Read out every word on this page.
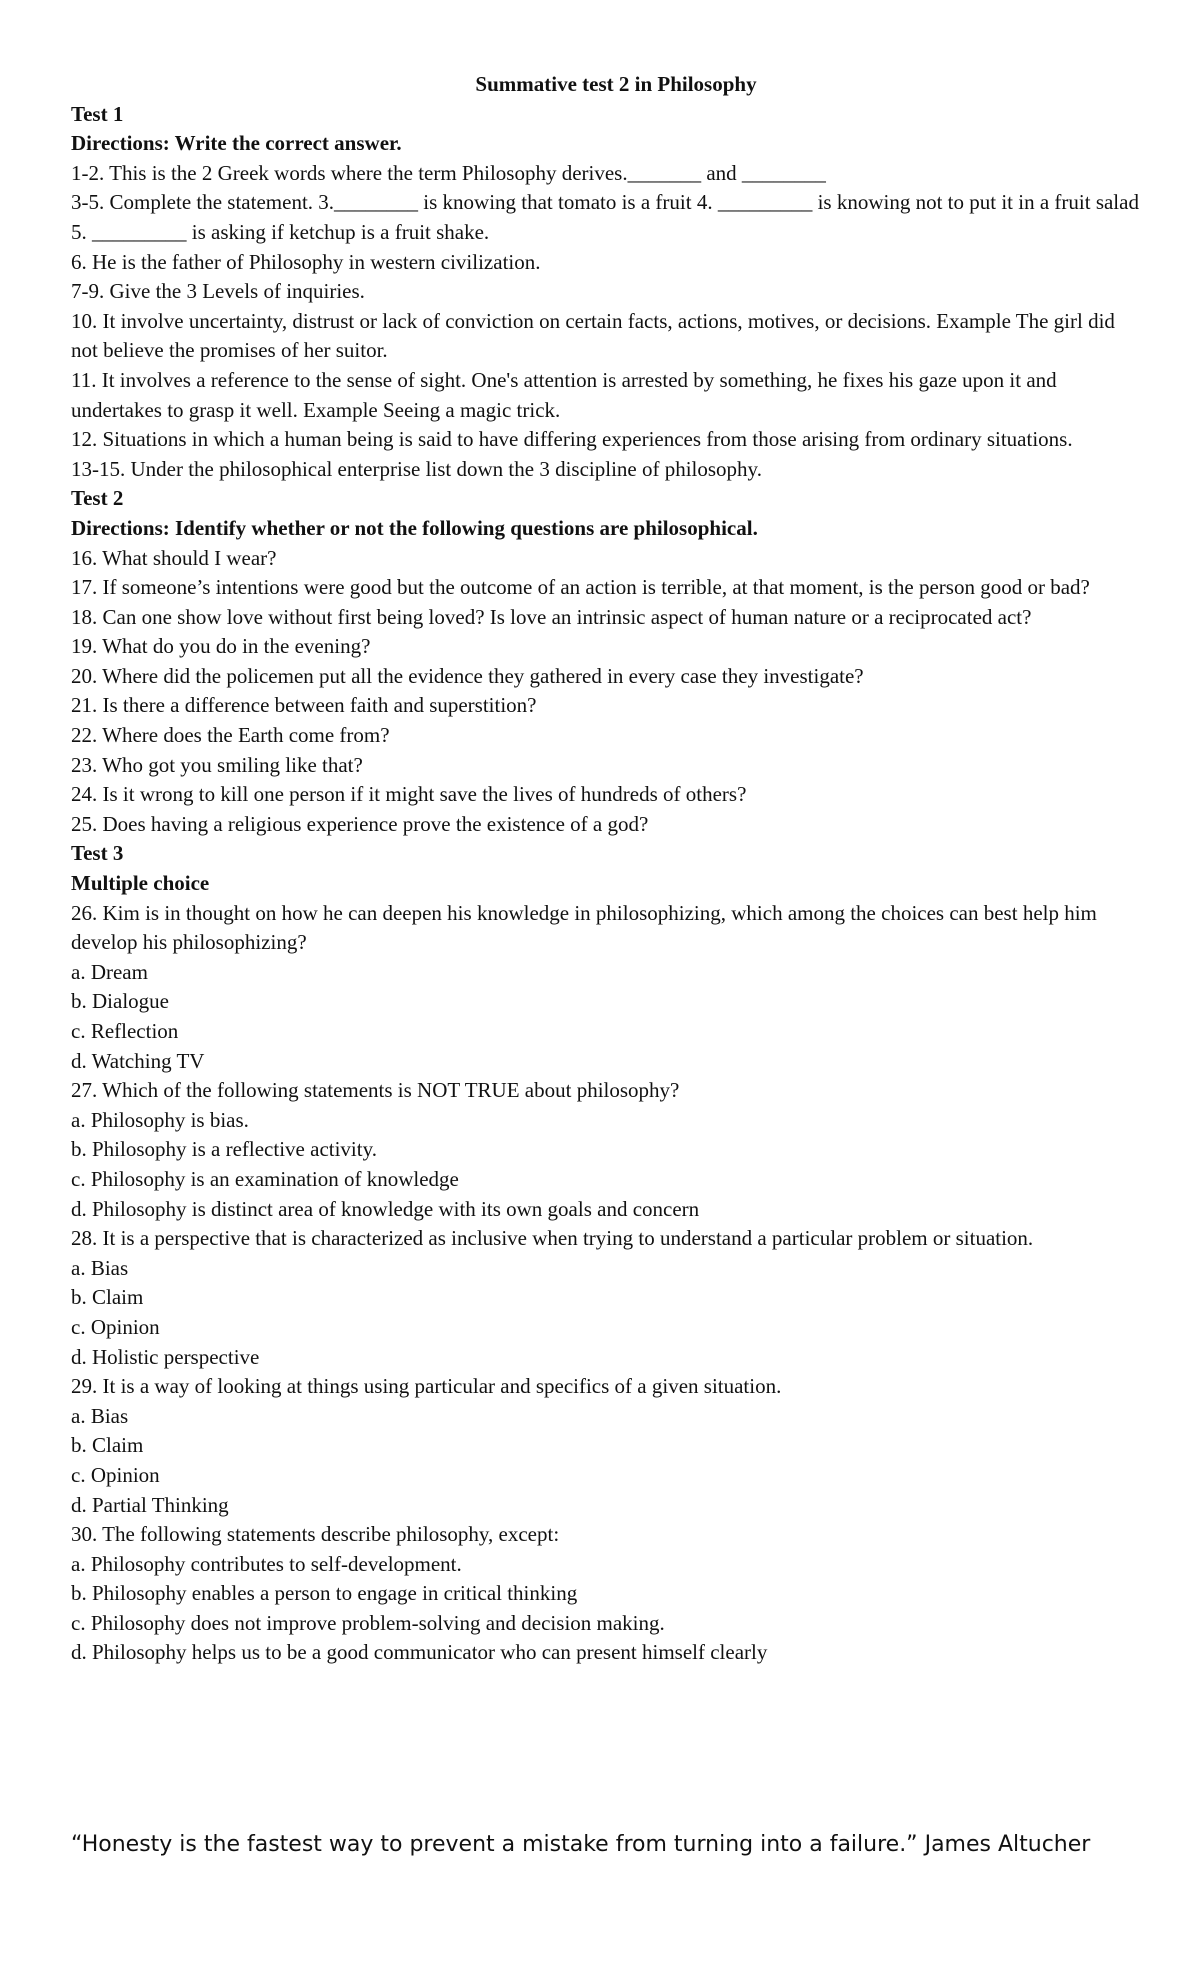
Summative test 2 in Philosophy

Test 1

Directions: Write the correct answer.

1-2. This is the 2 Greek words where the term Philosophy derives._______ and ________

3-5. Complete the statement. 3.________ is knowing that tomato is a fruit 4. _________ is knowing not to put it in a fruit salad 5. _________ is asking if ketchup is a fruit shake.

6. He is the father of Philosophy in western civilization.

7-9. Give the 3 Levels of inquiries.

10. It involve uncertainty, distrust or lack of conviction on certain facts, actions, motives, or decisions. Example The girl did not believe the promises of her suitor.

11. It involves a reference to the sense of sight. One's attention is arrested by something, he fixes his gaze upon it and undertakes to grasp it well. Example Seeing a magic trick.

12. Situations in which a human being is said to have differing experiences from those arising from ordinary situations.

13-15. Under the philosophical enterprise list down the 3 discipline of philosophy.

Test 2

Directions: Identify whether or not the following questions are philosophical.

16. What should I wear?

17. If someone’s intentions were good but the outcome of an action is terrible, at that moment, is the person good or bad?

18. Can one show love without first being loved? Is love an intrinsic aspect of human nature or a reciprocated act?

19. What do you do in the evening?

20. Where did the policemen put all the evidence they gathered in every case they investigate?

21. Is there a difference between faith and superstition?

22. Where does the Earth come from?

23. Who got you smiling like that?

24. Is it wrong to kill one person if it might save the lives of hundreds of others?

25. Does having a religious experience prove the existence of a god?

Test 3

Multiple choice

26. Kim is in thought on how he can deepen his knowledge in philosophizing, which among the choices can best help him develop his philosophizing?

a. Dream

b. Dialogue

c. Reflection

d. Watching TV

27. Which of the following statements is NOT TRUE about philosophy?

a. Philosophy is bias.

b. Philosophy is a reflective activity.

c. Philosophy is an examination of knowledge

d. Philosophy is distinct area of knowledge with its own goals and concern

28. It is a perspective that is characterized as inclusive when trying to understand a particular problem or situation.

a. Bias

b. Claim

c. Opinion

d. Holistic perspective

29. It is a way of looking at things using particular and specifics of a given situation.

a. Bias

b. Claim

c. Opinion

d. Partial Thinking

30. The following statements describe philosophy, except:

a. Philosophy contributes to self-development.

b. Philosophy enables a person to engage in critical thinking

c. Philosophy does not improve problem-solving and decision making.

d. Philosophy helps us to be a good communicator who can present himself clearly

“Honesty is the fastest way to prevent a mistake from turning into a failure.” James Altucher
